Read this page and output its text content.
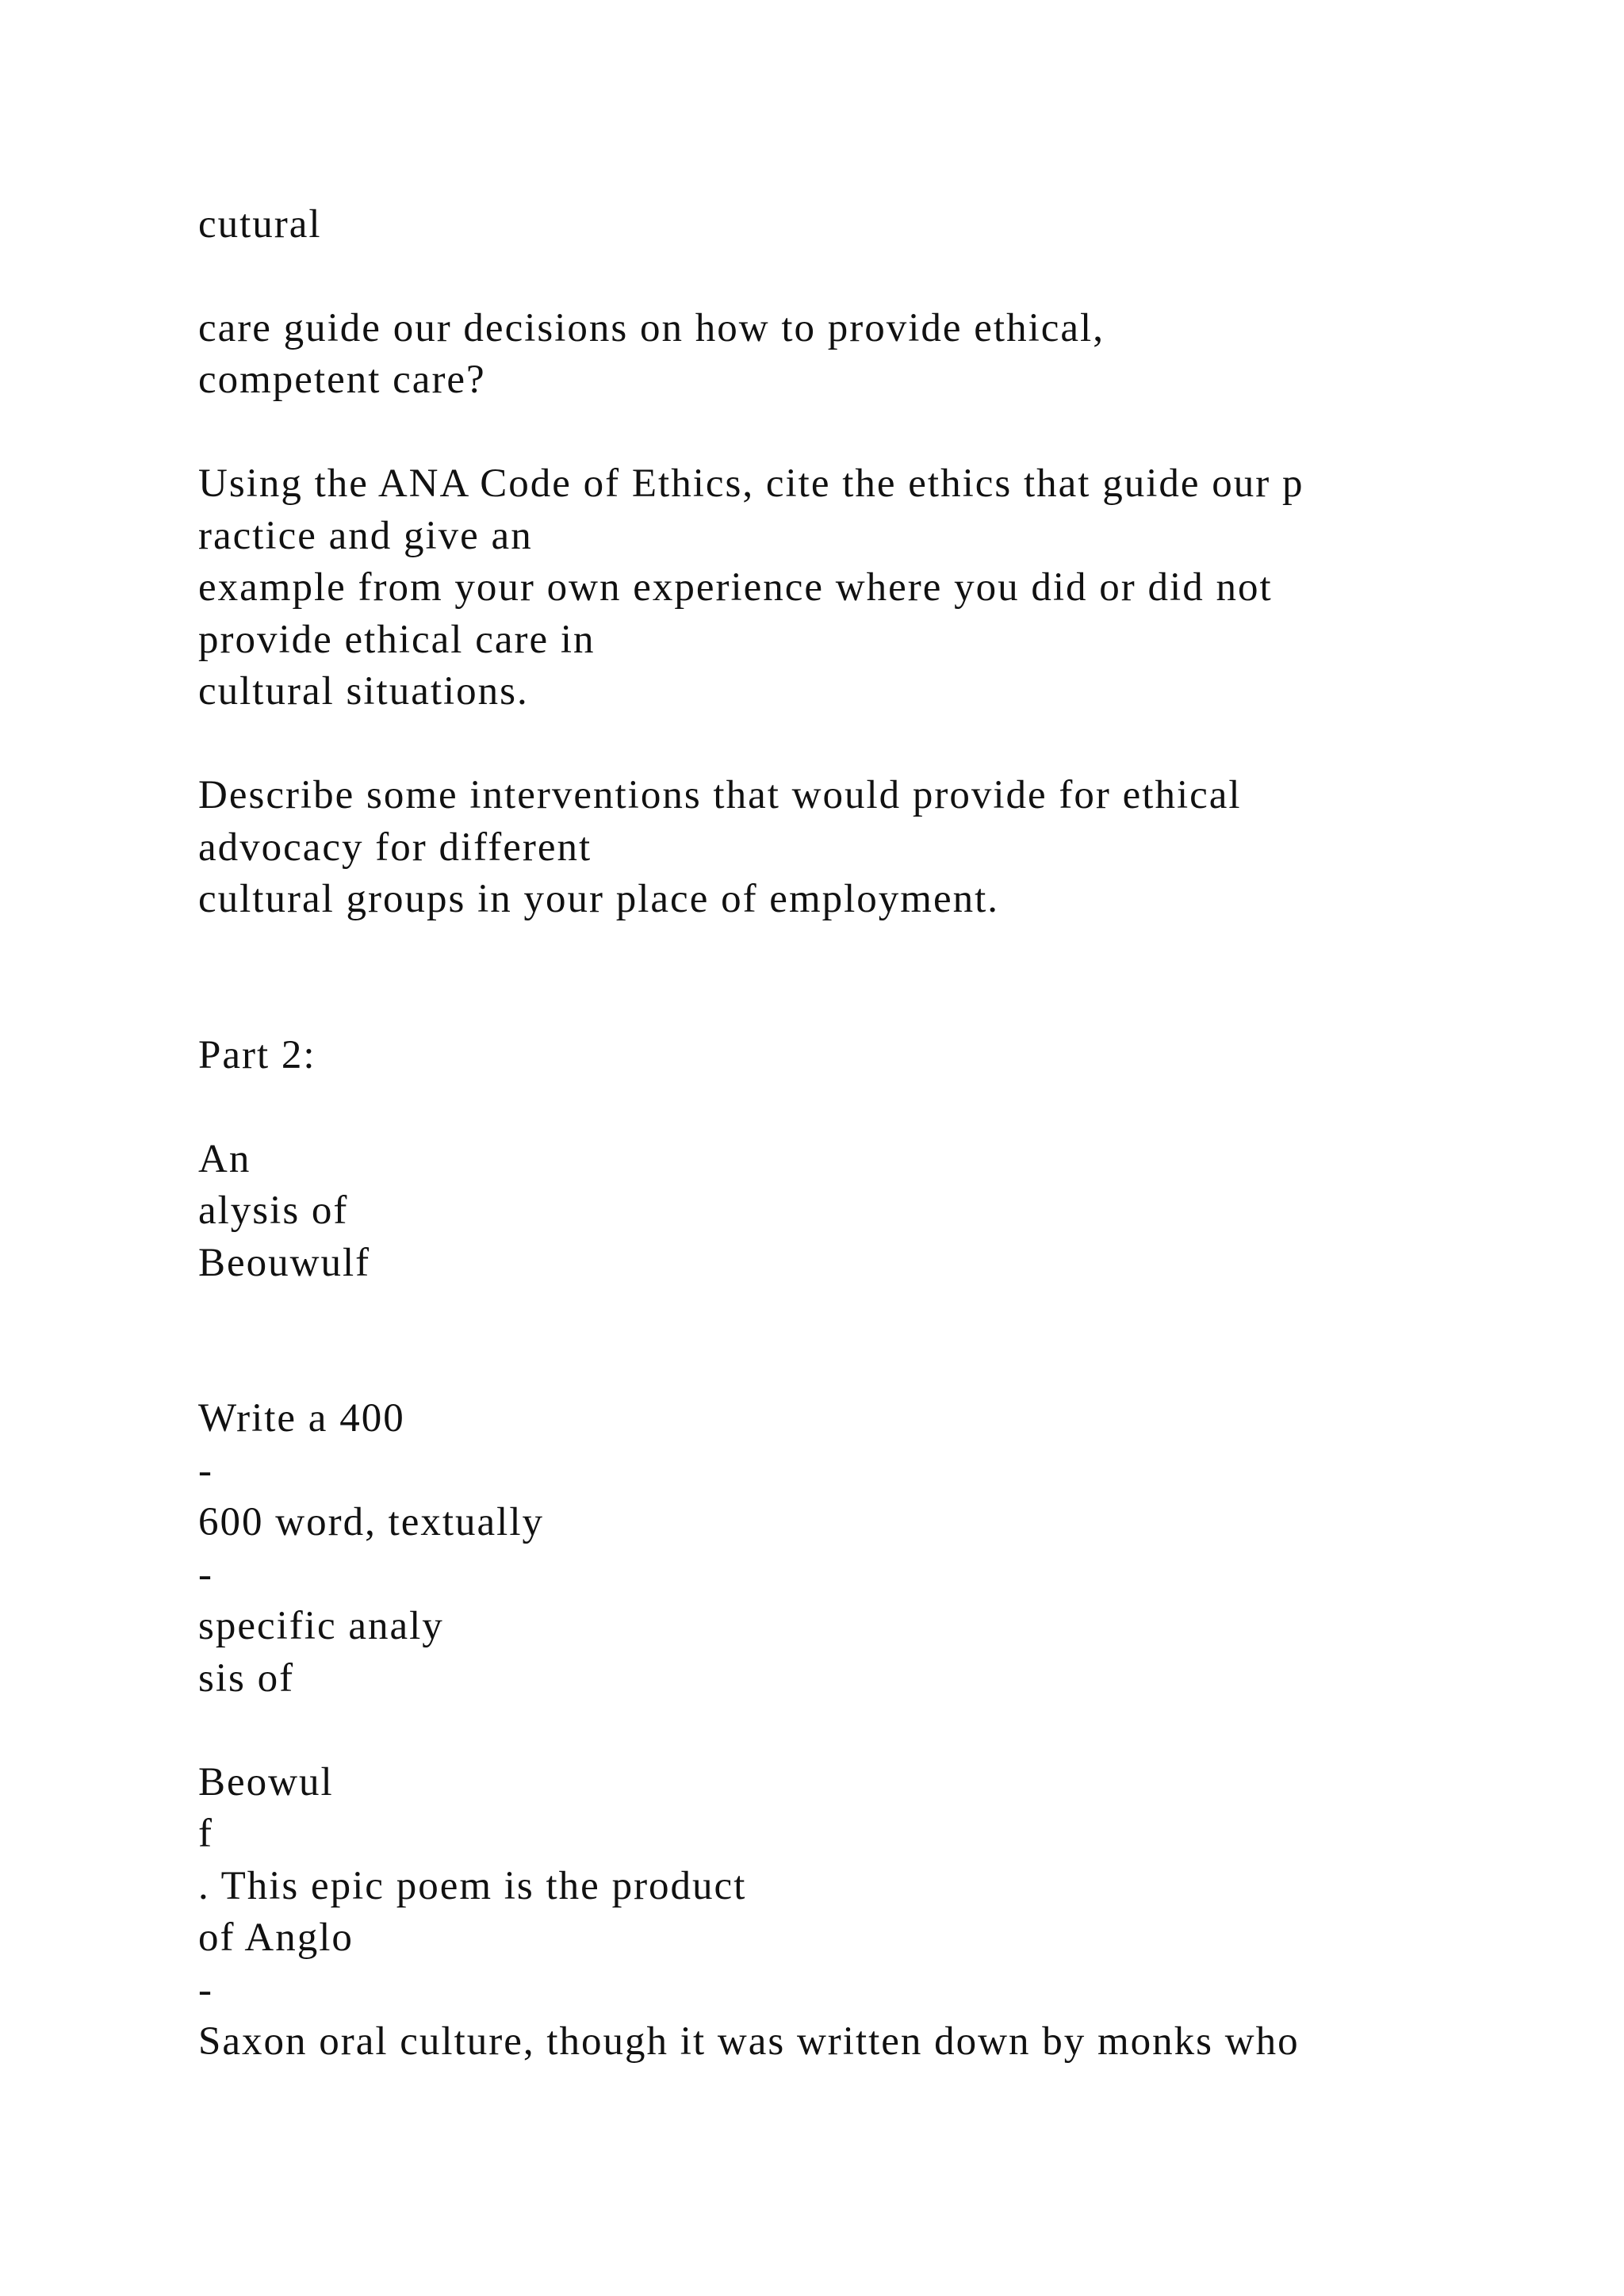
cutural
care guide our decisions on how to provide ethical,
competent care?
Using the ANA Code of Ethics, cite the ethics that guide our p
ractice and give an
example from your own experience where you did or did not
provide ethical care in
cultural situations.
Describe some interventions that would provide for ethical
advocacy for different
cultural groups in your place of employment.
Part 2:
An
alysis of
Beouwulf
Write a 400
-
600 word, textually
-
specific analy
sis of
Beowul
f
. This epic poem is the product
of Anglo
-
Saxon oral culture, though it was written down by monks who
